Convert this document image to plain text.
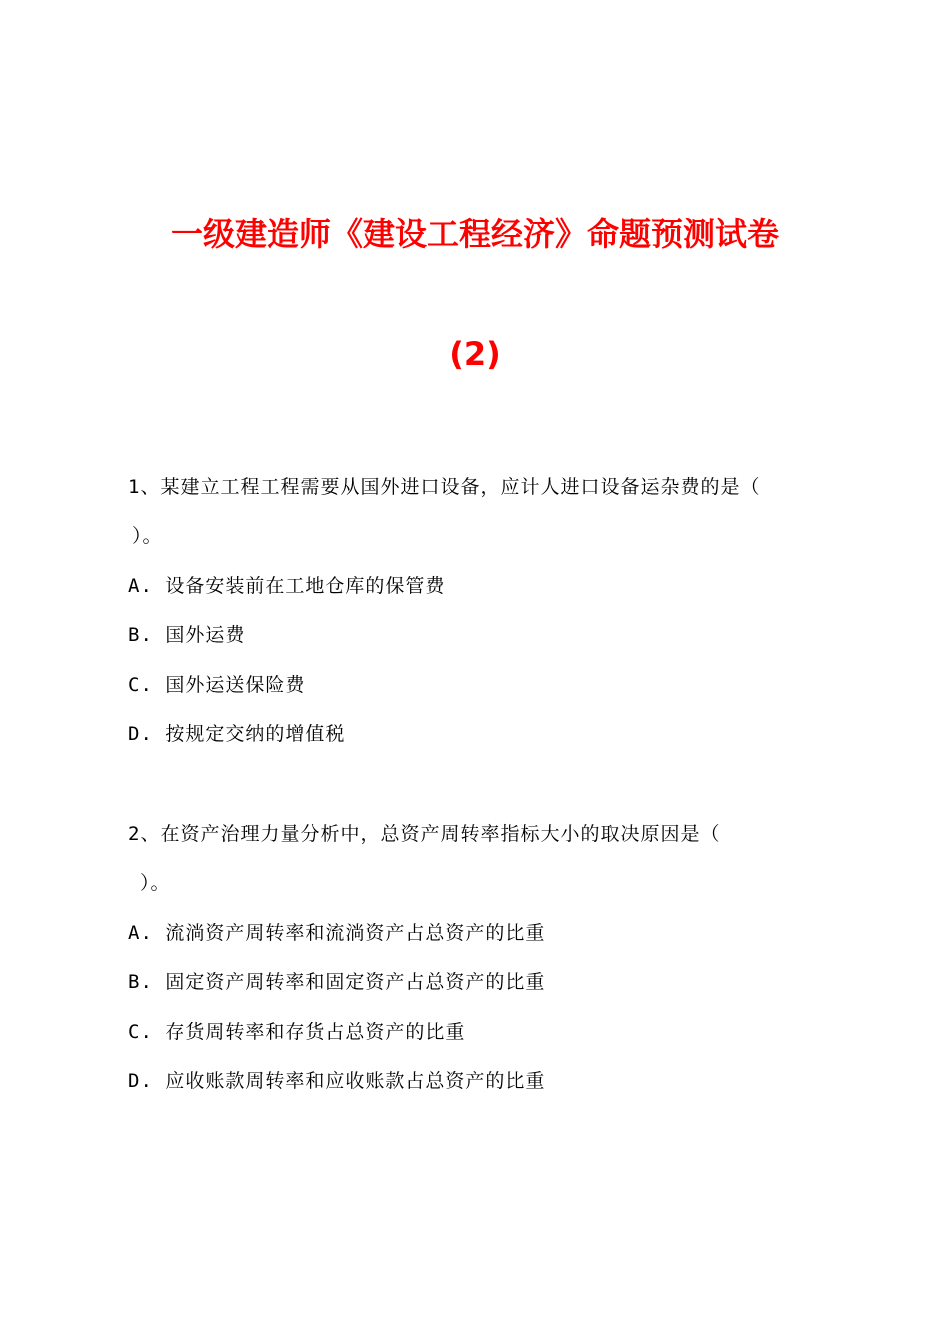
一级建造师《建设工程经济》命题预测试卷
(2)
1、某建立工程工程需要从国外进口设备，应计人进口设备运杂费的是（
）。
A. 设备安装前在工地仓库的保管费
B. 国外运费
C. 国外运送保险费
D. 按规定交纳的增值税
2、在资产治理力量分析中，总资产周转率指标大小的取决原因是（
）。
A. 流淌资产周转率和流淌资产占总资产的比重
B. 固定资产周转率和固定资产占总资产的比重
C. 存货周转率和存货占总资产的比重
D. 应收账款周转率和应收账款占总资产的比重
